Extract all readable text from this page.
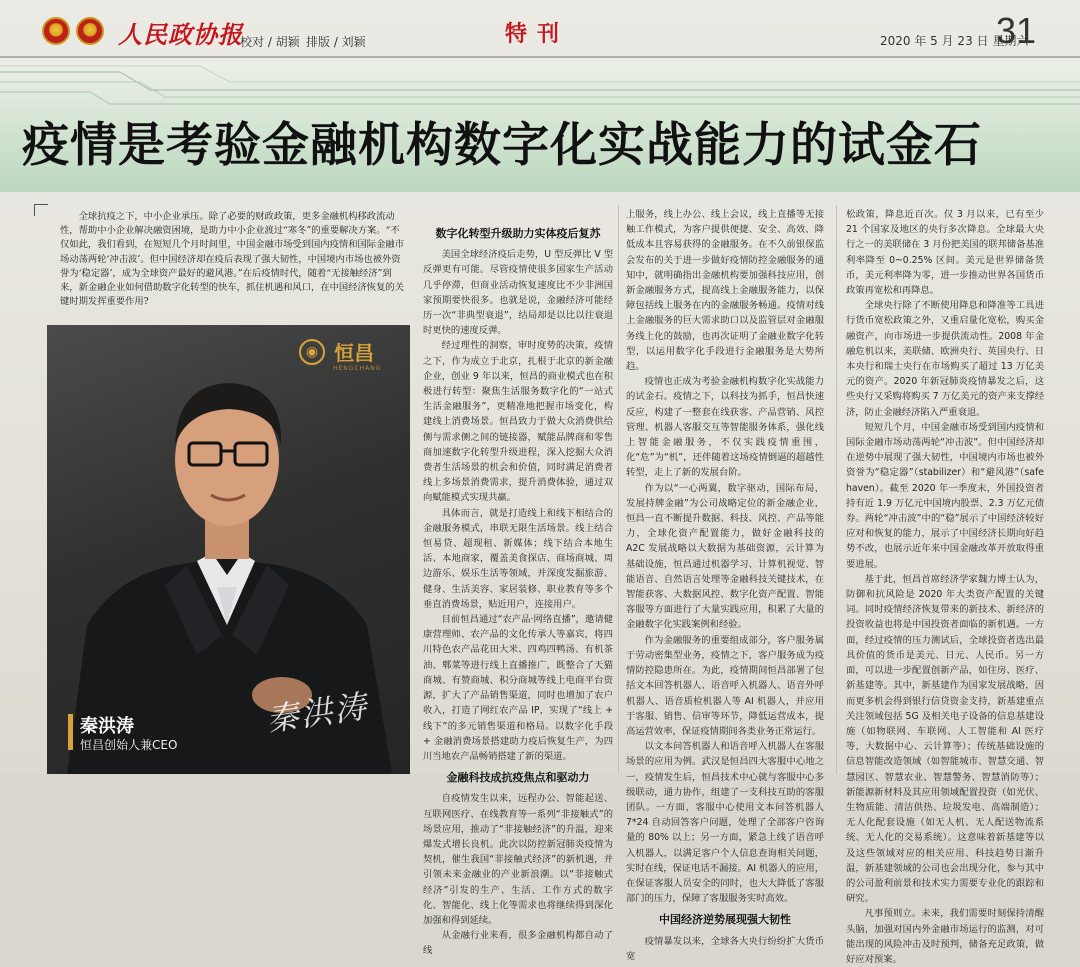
人民政协报
校对 / 胡颖 排版 / 刘颖	特刊	2020 年 5 月 23 日 星期六
31
疫情是考验金融机构数字化实战能力的试金石
全球抗疫之下，中小企业承压。除了必要的财政政策，更多金融机构移政流动性，帮助中小企业解决融资困境，是助力中小企业渡过“寒冬”的重要解决方案。“不仅如此，我们看到，在短短几个月时间里，中国金融市场受到国内疫情和国际金融市场动荡两轮‘冲击波’。但中国经济却在疫后表现了强大韧性，中国境内市场也被外资誉为‘稳定器’，成为全球资产最好的避风港。”在后疫情时代，随着“无接触经济”到来，新金融企业如何借助数字化转型的快车，抓住机遇和风口，在中国经济恢复的关键时期发挥重要作用?
◉ 恒昌
HENGCHANG
秦洪涛
恒昌创始人兼CEO
秦洪涛
数字化转型升级助力实体疫后复苏

美国全球经济疫后走势，U 型反弹比 V 型反弹更有可能。尽管疫情使很多国家生产活动几乎停滞，但商业活动恢复速度比不少非洲国家预期要快很多。也就是说，金融经济可能经历一次“非典型衰退”，结局却是以比以往衰退时更快的速度反弹。

经过理性的洞察，审时度势的决策，疫情之下，作为成立于北京，扎根于北京的新金融企业，创业 9 年以来，恒昌的商业模式也在积极进行转型：聚焦生活服务数字化的“一站式生活金融服务”，更精准地把握市场变化，构建线上消费场景。恒昌致力于做大众消费供给侧与需求侧之间的链接器，赋能品牌商和零售商加速数字化转型升级进程，深入挖掘大众消费者生活场景的机会和价值，同时满足消费者线上多场景消费需求，提升消费体验，通过双向赋能模式实现共赢。

具体而言，就是打造线上和线下相结合的金融服务模式，串联无限生活场景。线上结合恒易贷、超现租、新媒体；线下结合本地生活、本地商家，覆盖美食探店、商场商城、周边游乐、娱乐生活等领域，并深度发掘旅游、健身、生活美容、家居装修、职业教育等多个垂直消费场景，贴近用户，连接用户。

目前恒昌通过“农产品·网络直播”，邀请健康营理师、农产品的文化传承人等嘉宾，将四川特色农产品花田大米、四鸡四鸭汤、有机茶油、郫菜等进行线上直播推广，既整合了天猫商城、有赞商城、积分商城等线上电商平台资源，扩大了产品销售渠道，同时也增加了农户收入，打造了网红农产品 IP，实现了“线上 + 线下”的多元销售渠道和格局。以数字化手段 + 金融消费场景搭建助力疫后恢复生产，为四川当地农产品畅销搭建了新的渠道。

金融科技成抗疫焦点和驱动力

自疫情发生以来，远程办公、智能起送、互联网医疗、在线教育等一系列“非接触式”的场景应用，推动了“非接触经济”的升温，迎来爆发式增长良机。此次以防控新冠肺炎疫情为契机，催生我国“非接触式经济”的新机遇，并引领未来金融业的产业新浪潮。以“非接触式经济”引发的生产、生活、工作方式的数字化、智能化、线上化等需求也将继续得到深化加强和得到延续。

从金融行业来看，很多金融机构都自动了线

上服务，线上办公、线上会议，线上直播等无接触工作模式，为客户提供便捷、安全、高效、降低成本且容易获得的金融服务。在不久前银保监会发布的关于进一步做好疫情防控金融服务的通知中，就明确指出金融机构要加强科技应用，创新金融服务方式，提高线上金融服务能力，以保障包括线上服务在内的金融服务畅通。疫情对线上金融服务的巨大需求助口以及监管层对金融服务线上化的鼓励，也再次证明了金融业数字化转型，以运用数字化手段进行金融服务是大势所趋。

疫情也正成为考验金融机构数字化实战能力的试金石。疫情之下，以科技为抓手，恒昌快速反应，构建了一整套在线获客、产品营销、风控管理、机器人客服交互等智能服务体系，强化线上智能金融服务，不仅实践疫情重围，化“危”为“机”，还伴随着这场疫情倒逼的超越性转型，走上了新的发展台阶。

作为以“一心两翼，数字驱动，国际布局，发展持牌金融”为公司战略定位的新金融企业，恒昌一直不断提升数据、科技、风控、产品等能力，全球化资产配置能力，做好金融科技的 A2C 发展战略以大数据为基础资源，云计算为基础设施，恒昌通过机器学习、计算机视觉、智能语音、自然语言处理等金融科技关键技术，在智能获客、大数据风控、数字化资产配置、智能客服等方面进行了大量实践应用，积累了大量的金融数字化实践案例和经验。

作为金融服务的重要组成部分，客户服务属于劳动密集型业务，疫情之下，客户服务成为疫情防控隐患所在。为此，疫情期间恒昌部署了包括文本回答机器人、语音呼入机器人、语音外呼机器人、语音质检机器人等 AI 机器人，并应用于客服、销售、信审等环节，降低运营成本，提高运营效率，保证疫情期间各类业务正常运行。

以文本问答机器人和语音呼入机器人在客服场景的应用为例。武汉是恒昌四大客服中心地之一，疫情发生后，恒昌技术中心就与客服中心多级联动，通力协作，组建了一支科技互助的客服团队。一方面，客服中心使用文本问答机器人 7*24 自动回答客户问题，处理了全部客户咨询量的 80% 以上；另一方面，紧急上线了语音呼入机器人，以满足客户个人信息查询相关问题，实时在线，保证电话不漏接。AI 机器人的应用，在保证客服人员安全的同时，也大大降低了客服部门的压力，保障了客服服务实时高效。

中国经济逆势展现强大韧性

疫情暴发以来，全球各大央行纷纷扩大货币宽

松政策，降息近百次。仅 3 月以来，已有至少 21 个国家及地区的央行多次降息。全球最大央行之一的美联储在 3 月份把美国的联邦储备基准利率降至 0~0.25% 区间。美元是世界储备货币，美元利率降为零，进一步推动世界各国货币政策再宽松和再降息。

全球央行除了不断使用降息和降准等工具进行货币宽松政策之外，又重启量化宽松，购买金融资产，向市场进一步提供流动性。2008 年金融危机以来，美联储、欧洲央行、英国央行、日本央行和瑞士央行在市场购买了超过 13 万亿美元的资产。2020 年新冠肺炎疫情暴发之后，这些央行又采购将购买 7 万亿美元的资产来支撑经济，防止金融经济陷入严重衰退。

短短几个月，中国金融市场受到国内疫情和国际金融市场动荡两轮“冲击波”。但中国经济却在逆势中展现了强大韧性，中国境内市场也被外资誉为“稳定器”（stabilizer）和“避风港”（safe haven）。截至 2020 年一季度末，外国投资者持有近 1.9 万亿元中国境内股票、2.3 万亿元债券。两轮“冲击波”中的“稳”展示了中国经济较好应对和恢复的能力，展示了中国经济长期向好趋势不改，也展示近年来中国金融改革开放取得重要进展。

基于此，恒昌首席经济学家魏力博士认为，防御和抗风险是 2020 年大类资产配置的关键词。同时疫情经济恢复带来的新技术、新经济的投资收益也将是中国投资者面临的新机遇。一方面，经过疫情的压力测试后，全球投资者选出最具价值的货币是美元、日元、人民币。另一方面，可以进一步配置创新产品，如住房、医疗、新基建等。其中，新基建作为国家发展战略，因而更多机会得到银行信贷资金支持，新基建重点关注领域包括 5G 及相关电子设备的信息基建设施（如物联网、车联网、人工智能和 AI 医疗等，大数据中心、云计算等）；传统基础设施的信息智能改造领域（如智能城市、智慧交通、智慧园区、智慧农业、智慧警务、智慧消防等）；新能源新材料及其应用领域配置投资（如光伏、生物质能、清洁供热、垃圾发电、高端制造）；无人化配套设施（如无人机、无人配送物流系统、无人化的交易系统）。这意味着新基建等以及这些领域对应的相关应用、科技趋势日渐升温，新基建领域的公司也会出现分化，参与其中的公司盈利前景和技术实力需要专业化的跟踪和研究。

凡事预则立。未来，我们需要时刻保持清醒头脑，加强对国内外金融市场运行的监测，对可能出现的风险冲击及时预判，储备充足政策，做好应对预案。
